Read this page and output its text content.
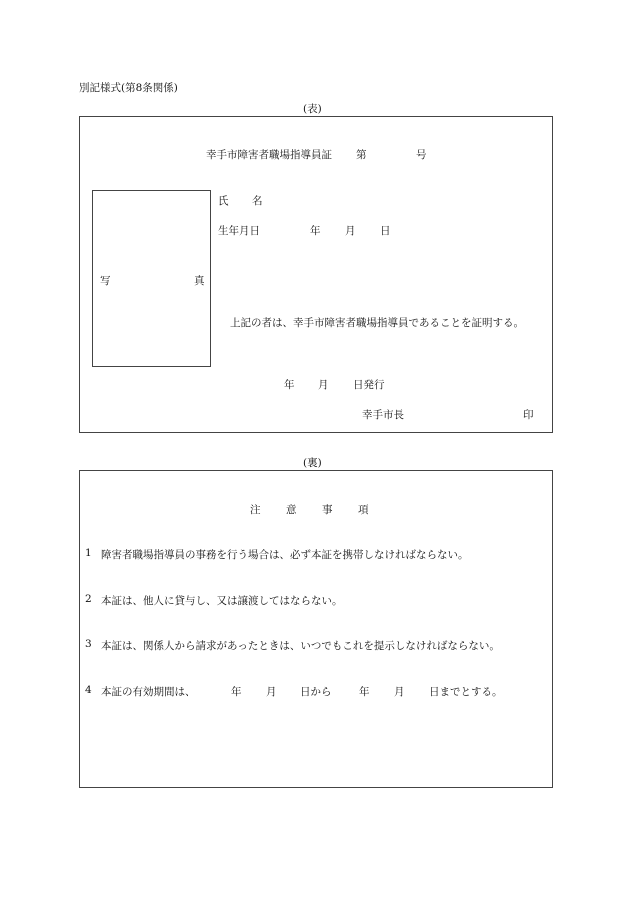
別記様式(第8条関係)
(表)
幸手市障害者職場指導員証 第	号
写	真
氏 名
生年月日	年 月 日
上記の者は、幸手市障害者職場指導員であることを証明する。
年 月 日発行
幸手市長	印
(裏)
注 意 事 項
1 障害者職場指導員の事務を行う場合は、必ず本証を携帯しなければならない。
2 本証は、他人に貸与し、又は譲渡してはならない。
3 本証は、関係人から請求があったときは、いつでもこれを提示しなければならない。
4 本証の有効期間は、	年 月 日から	年 月 日までとする。
